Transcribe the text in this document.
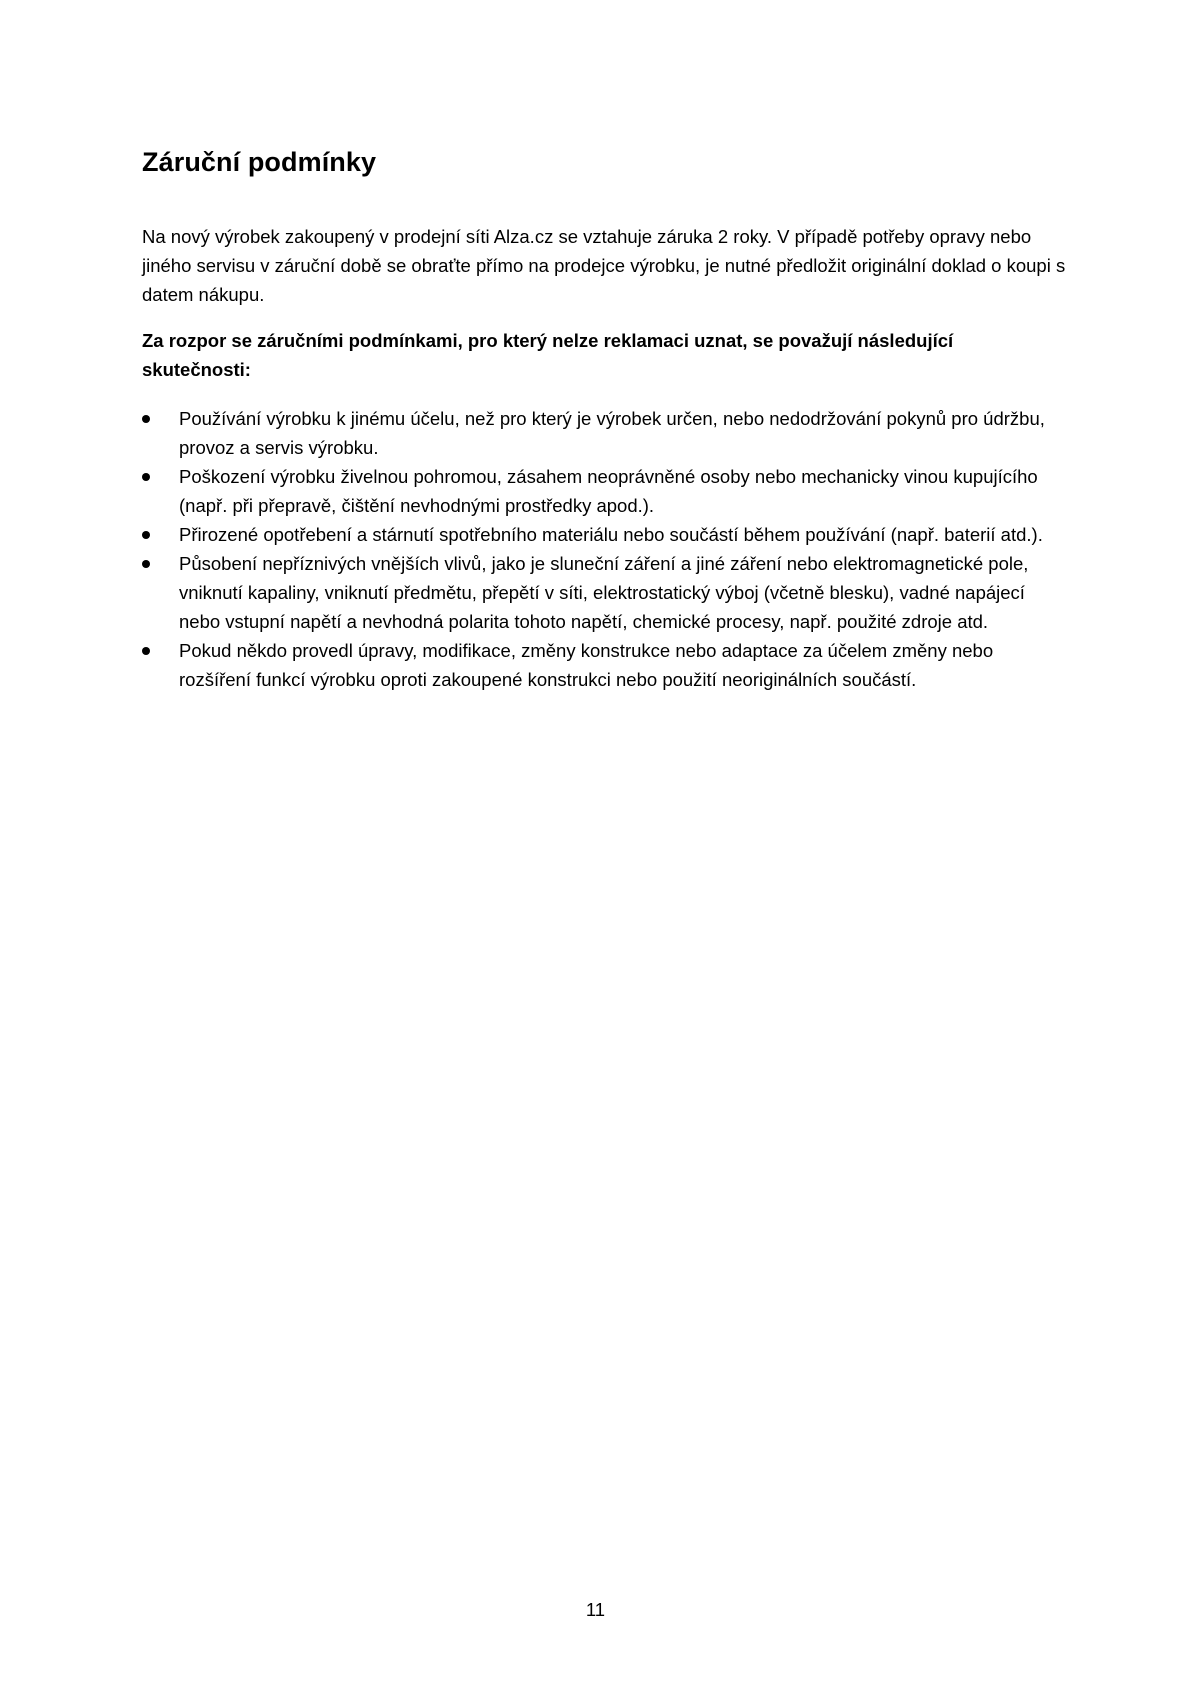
Záruční podmínky

Na nový výrobek zakoupený v prodejní síti Alza.cz se vztahuje záruka 2 roky. V případě potřeby opravy nebo jiného servisu v záruční době se obraťte přímo na prodejce výrobku, je nutné předložit originální doklad o koupi s datem nákupu.

Za rozpor se záručními podmínkami, pro který nelze reklamaci uznat, se považují následující skutečnosti:

Používání výrobku k jinému účelu, než pro který je výrobek určen, nebo nedodržování pokynů pro údržbu, provoz a servis výrobku.
Poškození výrobku živelnou pohromou, zásahem neoprávněné osoby nebo mechanicky vinou kupujícího (např. při přepravě, čištění nevhodnými prostředky apod.).
Přirozené opotřebení a stárnutí spotřebního materiálu nebo součástí během používání (např. baterií atd.).
Působení nepříznivých vnějších vlivů, jako je sluneční záření a jiné záření nebo elektromagnetické pole, vniknutí kapaliny, vniknutí předmětu, přepětí v síti, elektrostatický výboj (včetně blesku), vadné napájecí nebo vstupní napětí a nevhodná polarita tohoto napětí, chemické procesy, např. použité zdroje atd.
Pokud někdo provedl úpravy, modifikace, změny konstrukce nebo adaptace za účelem změny nebo rozšíření funkcí výrobku oproti zakoupené konstrukci nebo použití neoriginálních součástí.
11
